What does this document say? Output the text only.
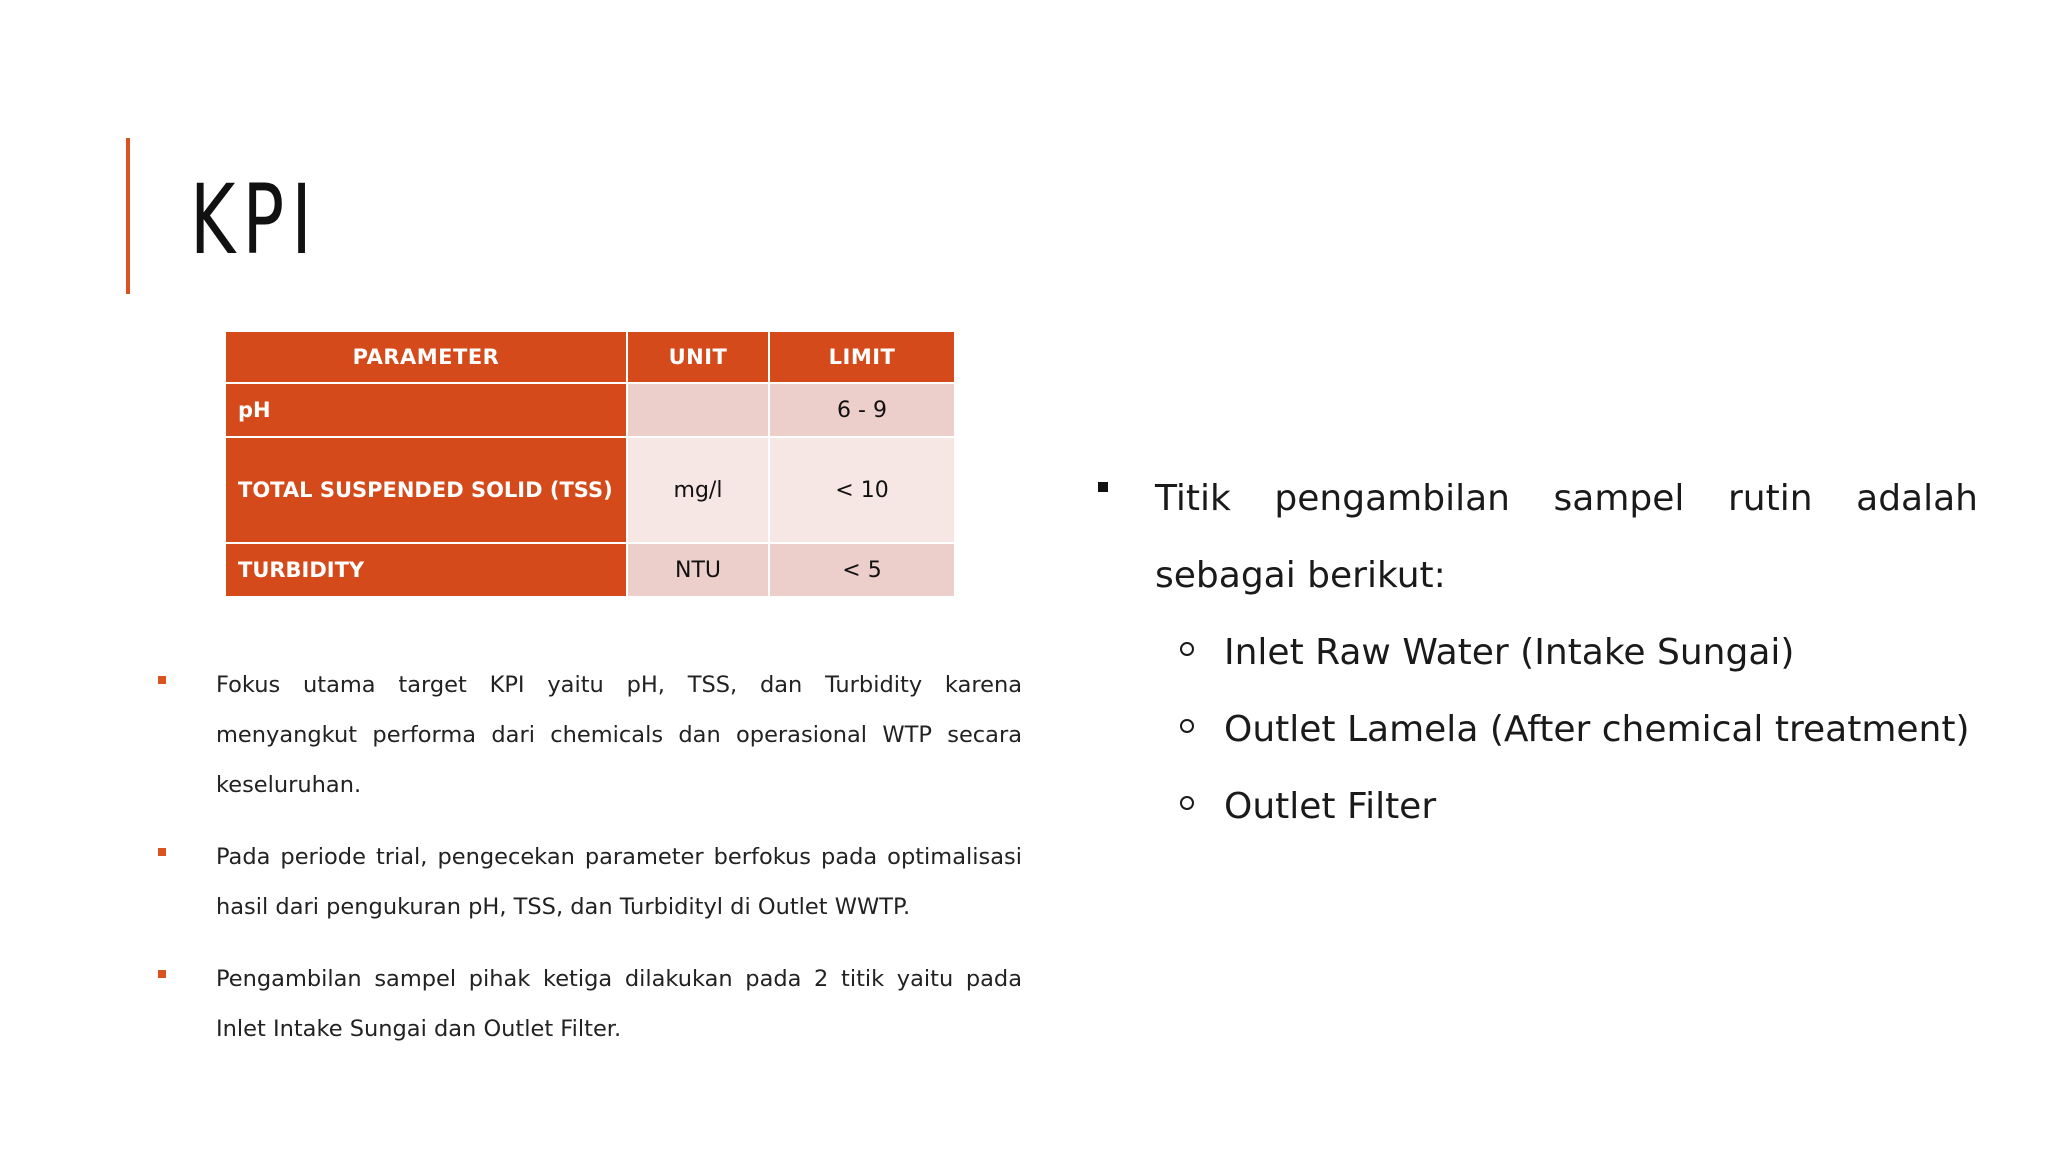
KPI
PARAMETER	UNIT	LIMIT
pH		6 - 9
TOTAL SUSPENDED SOLID (TSS)	mg/l	< 10
TURBIDITY	NTU	< 5
Fokus utama target KPI yaitu pH, TSS, dan Turbidity karena menyangkut performa dari chemicals dan operasional WTP secara keseluruhan.
Pada periode trial, pengecekan parameter berfokus pada optimalisasi hasil dari pengukuran pH, TSS, dan Turbidityl di Outlet WWTP.
Pengambilan sampel pihak ketiga dilakukan pada 2 titik yaitu pada Inlet Intake Sungai dan Outlet Filter.

Titik pengambilan sampel rutin adalah sebagai berikut:

Inlet Raw Water (Intake Sungai)
Outlet Lamela (After chemical treatment)
Outlet Filter
